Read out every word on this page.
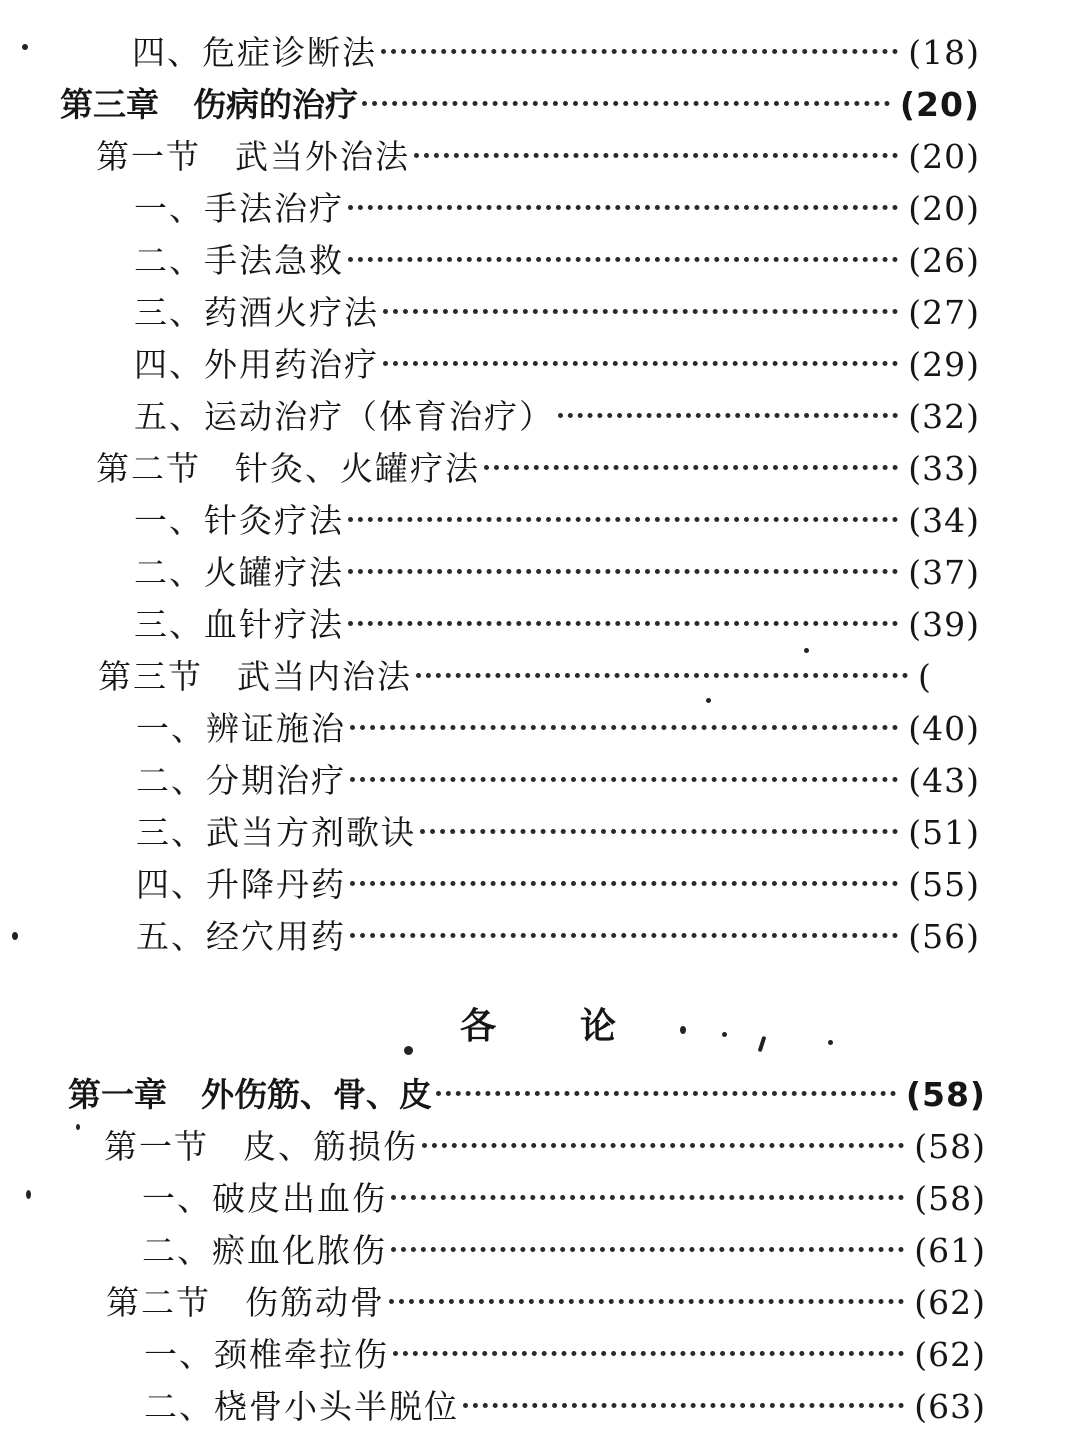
四、危症诊断法	(18)
第三章 伤病的治疗	(20)
第一节 武当外治法	(20)
一、手法治疗	(20)
二、手法急救	(26)
三、药酒火疗法	(27)
四、外用药治疗	(29)
五、运动治疗（体育治疗）	(32)
第二节 针灸、火罐疗法	(33)
一、针灸疗法	(34)
二、火罐疗法	(37)
三、血针疗法	(39)
第三节 武当内治法	(
一、辨证施治	(40)
二、分期治疗	(43)
三、武当方剂歌诀	(51)
四、升降丹药	(55)
五、经穴用药	(56)
各 论
第一章 外伤筋、骨、皮	(58)
第一节 皮、筋损伤	(58)
一、破皮出血伤	(58)
二、瘀血化脓伤	(61)
第二节 伤筋动骨	(62)
一、颈椎牵拉伤	(62)
二、桡骨小头半脱位	(63)
